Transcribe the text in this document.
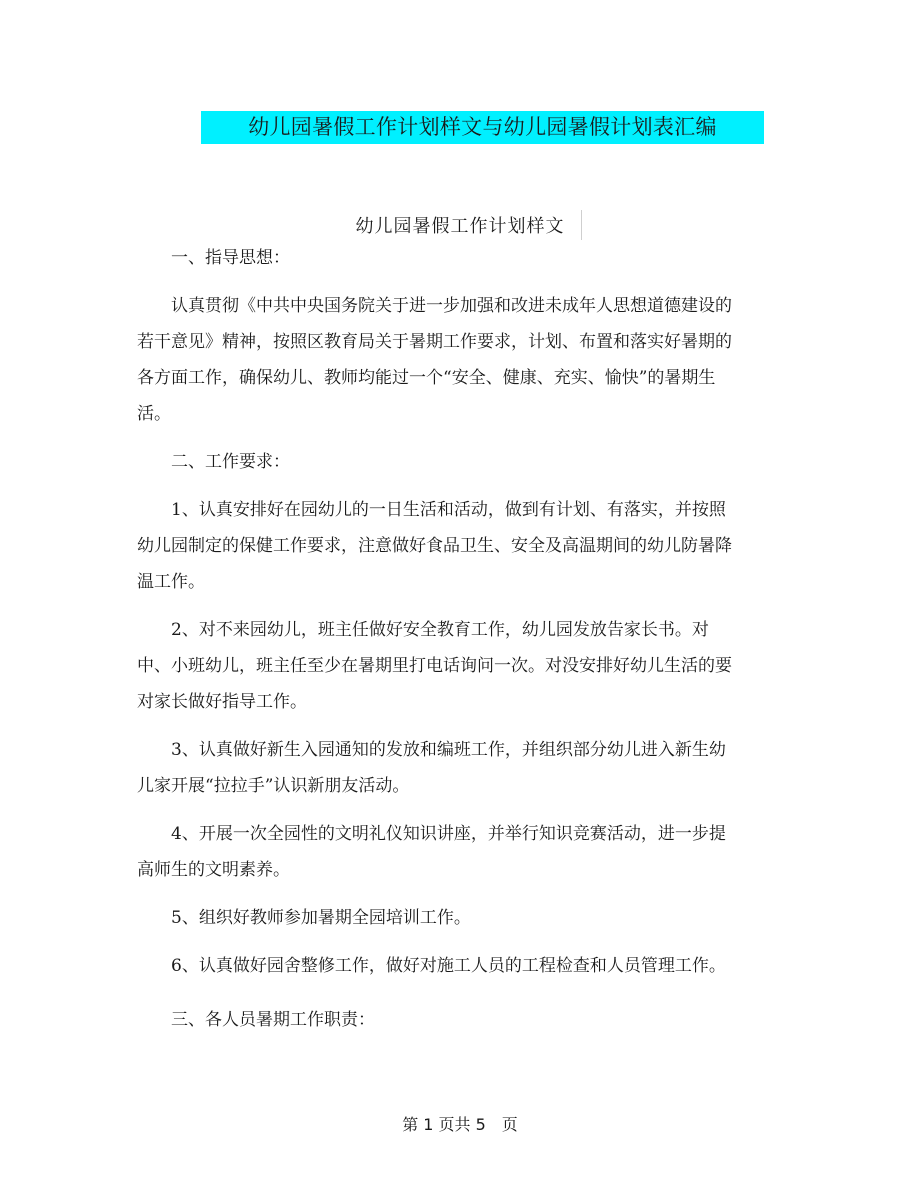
幼儿园暑假工作计划样文与幼儿园暑假计划表汇编
幼儿园暑假工作计划样文

一、指导思想：

认真贯彻《中共中央国务院关于进一步加强和改进未成年人思想道德建设的若干意见》精神，按照区教育局关于暑期工作要求，计划、布置和落实好暑期的各方面工作，确保幼儿、教师均能过一个“安全、健康、充实、愉快”的暑期生活。

二、工作要求：

1、认真安排好在园幼儿的一日生活和活动，做到有计划、有落实，并按照幼儿园制定的保健工作要求，注意做好食品卫生、安全及高温期间的幼儿防暑降温工作。

2、对不来园幼儿，班主任做好安全教育工作，幼儿园发放告家长书。对中、小班幼儿，班主任至少在暑期里打电话询问一次。对没安排好幼儿生活的要对家长做好指导工作。

3、认真做好新生入园通知的发放和编班工作，并组织部分幼儿进入新生幼儿家开展“拉拉手”认识新朋友活动。

4、开展一次全园性的文明礼仪知识讲座，并举行知识竞赛活动，进一步提高师生的文明素养。

5、组织好教师参加暑期全园培训工作。

6、认真做好园舍整修工作，做好对施工人员的工程检查和人员管理工作。

三、各人员暑期工作职责：

第 1 页共 5　页
